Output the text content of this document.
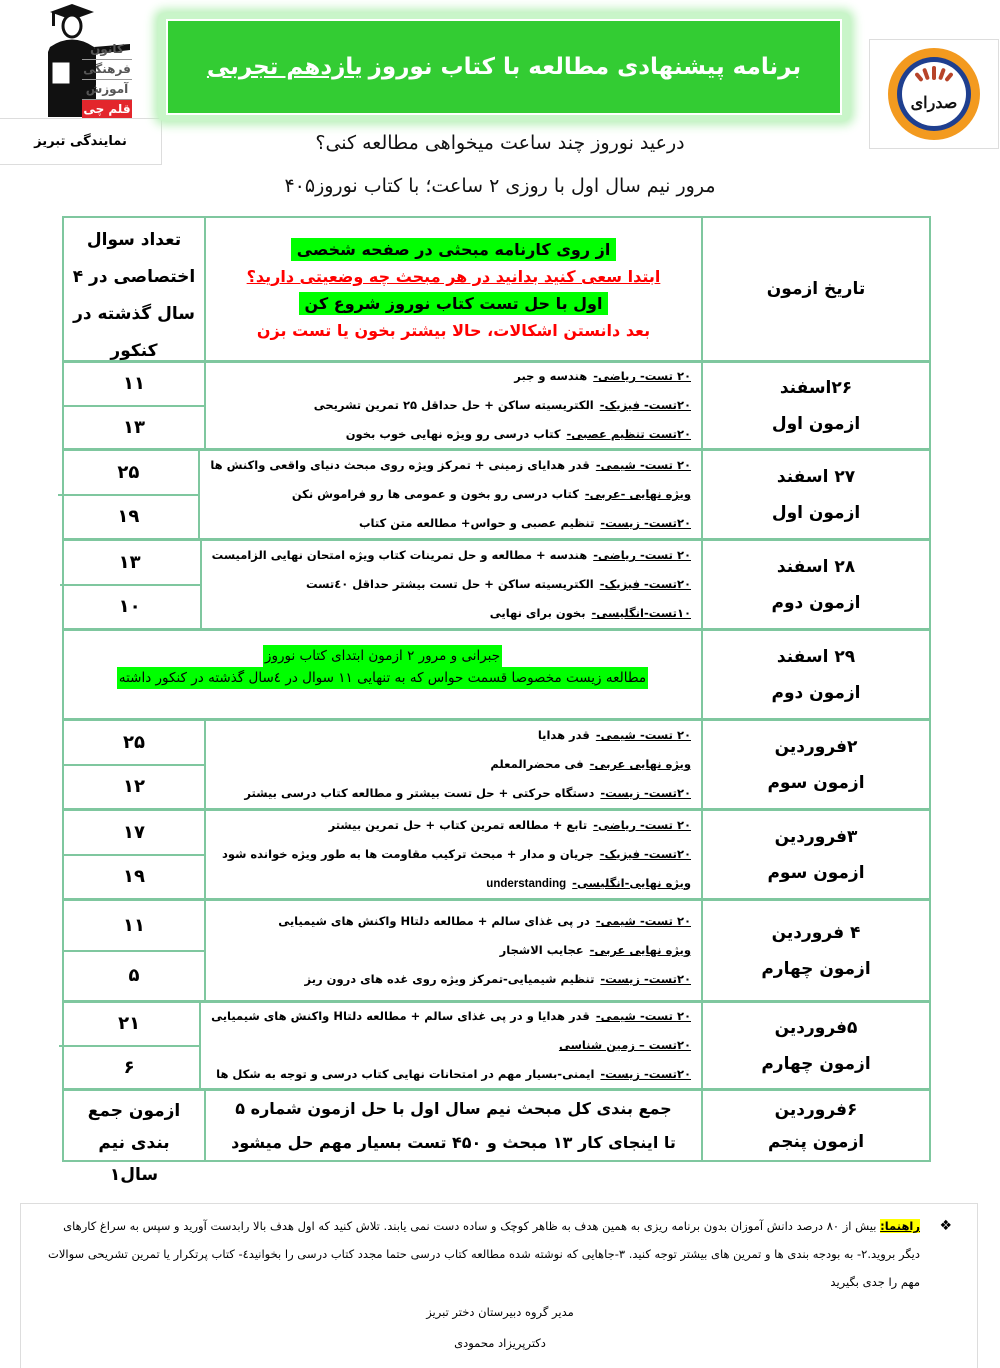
کانون
فرهنگی
آموزش
قلم چی
نمایندگی تبریز
برنامه پیشنهادی مطالعه با کتاب نوروز
یازدهم تجربی
صدرای
درعید نوروز چند ساعت میخواهی مطالعه کنی؟
مرور نیم سال اول با روزی ۲ ساعت؛ با کتاب نوروز۴۰۵
تاریخ ازمون
از روی کارنامه مبحثی در صفحه شخصی
ابتدا سعی کنید بدانید در هر مبحث چه وضعیتی دارید؟
اول با حل تست کتاب نوروز شروع کن
بعد دانستن اشکالات، حالا بیشتر بخون یا تست بزن
تعداد سوال اختصاصی در ۴ سال گذشته در کنکور
۲۶اسفند
ازمون اول
۲۰ تست- ریاضی-هندسه و جبر
۲۰تست- فیزیک-الکتریسیته ساکن + حل حداقل ۲۵ تمرین تشریحی
۲۰تست تنظیم عصبی-کتاب درسی رو ویژه نهایی خوب بخون
۱۱
۱۳
۲۷ اسفند
ازمون اول
۲۰ تست- شیمی-قدر هدایای زمینی + تمرکز ویژه روی مبحث دنیای واقعی واکنش ها
ویژه نهایی -عربی-کتاب درسی رو بخون و عمومی ها رو فراموش نکن
۲۰تست- زیست-تنظیم عصبی و حواس+ مطالعه متن کتاب
۲۵
۱۹
۲۸ اسفند
ازمون دوم
۲۰ تست- ریاضی-هندسه + مطالعه و حل تمرینات کتاب ویژه امتحان نهایی الزامیست
۲۰تست- فیزیک-الکتریسیته ساکن + حل تست بیشتر حداقل ٤٠تست
۱۰تست-انگلیسی-بخون برای نهایی
۱۳
۱۰
۲۹ اسفند
ازمون دوم
جبرانی و مرور ۲ ازمون ابتدای کتاب نوروز
مطالعه زیست مخصوصا قسمت حواس که به تنهایی ۱۱ سوال در ٤سال گذشته در کنکور داشته
۲فروردین
ازمون سوم
۲۰ تست- شیمی-قدر هدایا
ویژه نهایی عربی-فی محضرالمعلم
۲۰تست- زیست-دستگاه حرکتی + حل تست بیشتر و مطالعه کتاب درسی بیشتر
۲۵
۱۲
۳فروردین
ازمون سوم
۲۰ تست- ریاضی-تابع + مطالعه تمرین کتاب + حل تمرین بیشتر
۲۰تست- فیزیک-جریان و مدار + مبحث ترکیب مقاومت ها به طور ویژه خوانده شود
ویژه نهایی-انگلیسی-understanding
۱۷
۱۹
۴ فروردین
ازمون چهارم
۲۰ تست- شیمی-در پی غذای سالم + مطالعه دلتاH واکنش های شیمیایی
ویژه نهایی عربی-عجایب الاشجار
۲۰تست- زیست-تنظیم شیمیایی-تمرکز ویژه روی غده های درون ریز
۱۱
۵
۵فروردین
ازمون چهارم
۲۰ تست- شیمی-قدر هدایا و در پی غذای سالم + مطالعه دلتاH واکنش های شیمیایی
۲۰تست – زمین شناسی
۲۰تست- زیست-ایمنی-بسیار مهم در امتحانات نهایی کتاب درسی و توجه به شکل ها
۲۱
۶
۶فروردین
ازمون پنجم
جمع بندی کل مبحث نیم سال اول با حل ازمون شماره ۵
تا اینجای کار ۱۳ مبحث و ۴۵۰ تست بسیار مهم حل میشود
ازمون جمع بندی نیم سال۱
❖
راهنما: بیش از ۸۰ درصد دانش آموزان بدون برنامه ریزی به همین هدف به ظاهر کوچک و ساده دست نمی یابند. تلاش کنید که اول هدف بالا رابدست آورید و سپس به سراغ کارهای دیگر بروید.۲- به بودجه بندی ها و تمرین های بیشتر توجه کنید. ۳-جاهایی که نوشته شده مطالعه کتاب درسی حتما مجدد کتاب درسی را بخوانید٤- کتاب پرتکرار یا تمرین تشریحی سوالات مهم را جدی بگیرید
مدیر گروه دبیرستان دختر تبریز
دکترپریزاد محمودی
